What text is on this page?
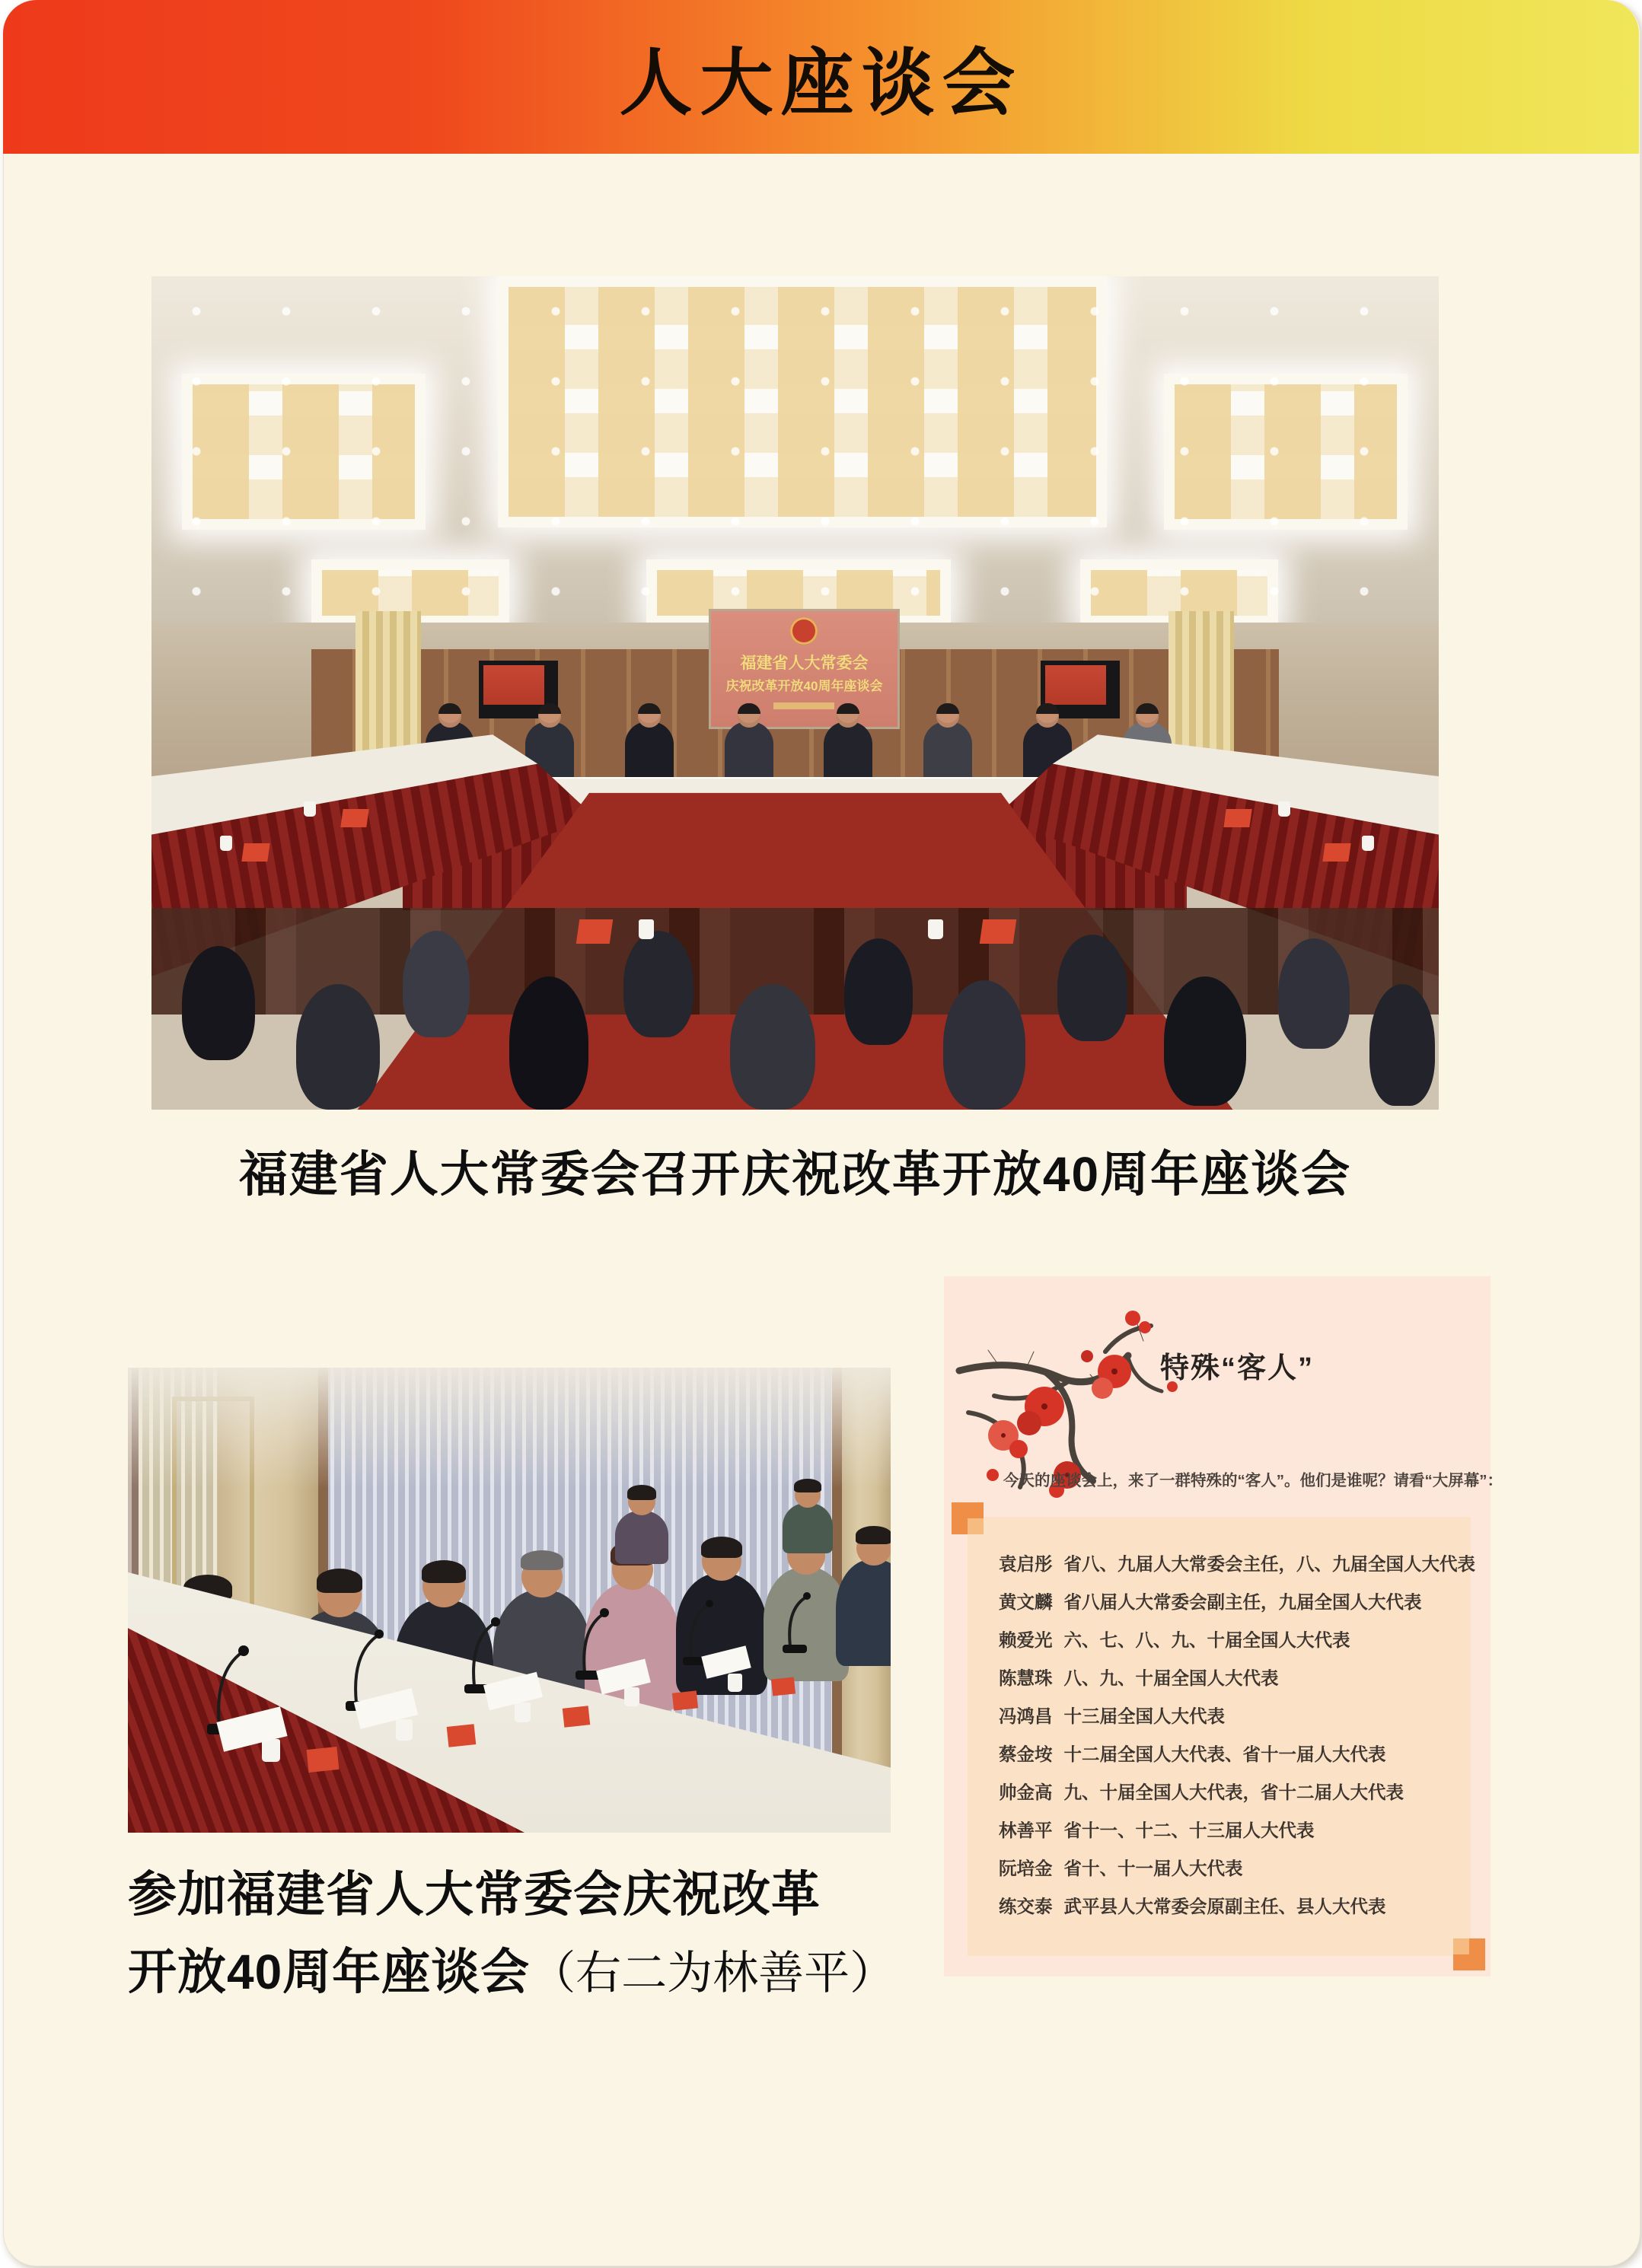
人大座谈会
福建省人大常委会
庆祝改革开放40周年座谈会
福建省人大常委会召开庆祝改革开放40周年座谈会
参加福建省人大常委会庆祝改革
开放40周年座谈会（右二为林善平）
特殊“客人”
今天的座谈会上，来了一群特殊的“客人”。他们是谁呢？请看“大屏幕”：
袁启彤 省八、九届人大常委会主任，八、九届全国人大代表
黄文麟 省八届人大常委会副主任，九届全国人大代表
赖爱光 六、七、八、九、十届全国人大代表
陈慧珠 八、九、十届全国人大代表
冯鸿昌 十三届全国人大代表
蔡金垵 十二届全国人大代表、省十一届人大代表
帅金高 九、十届全国人大代表，省十二届人大代表
林善平 省十一、十二、十三届人大代表
阮培金 省十、十一届人大代表
练交泰 武平县人大常委会原副主任、县人大代表
